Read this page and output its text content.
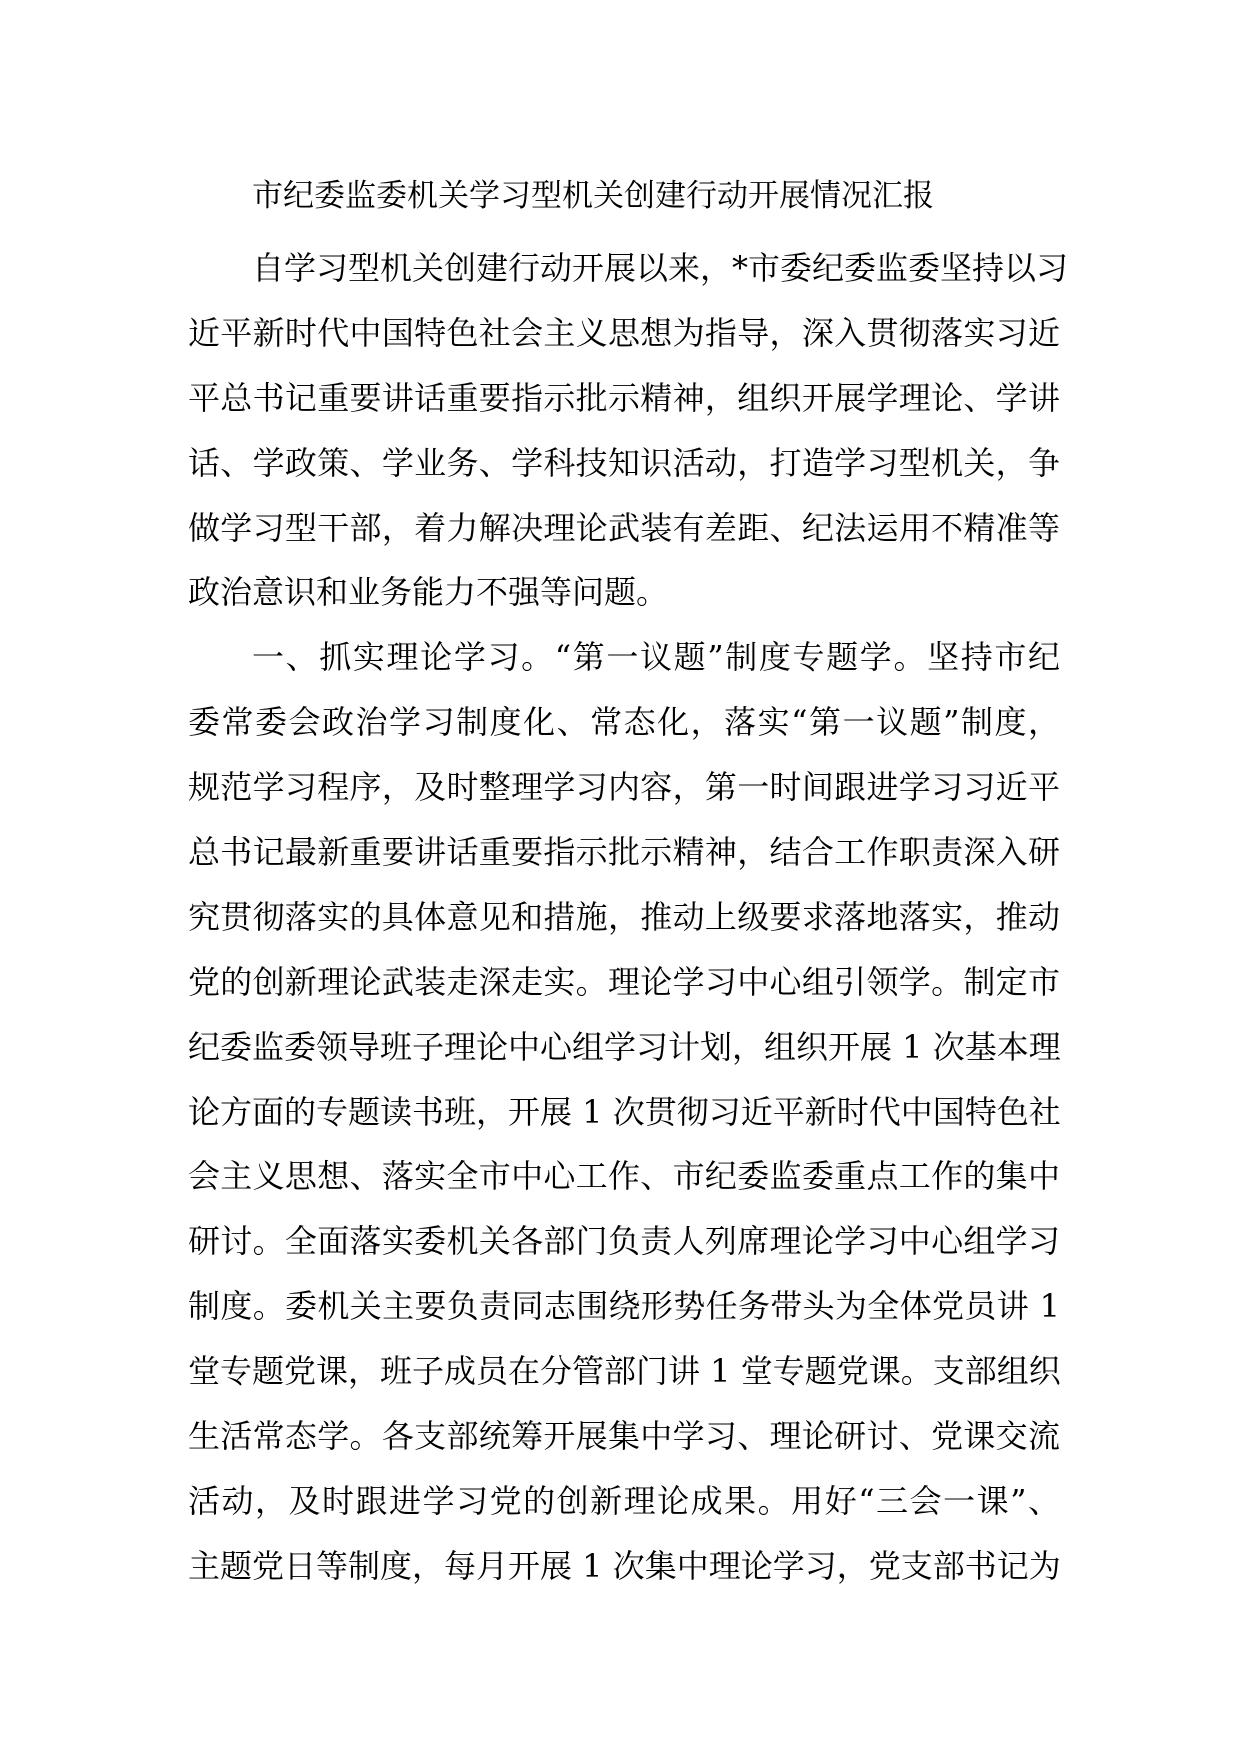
市纪委监委机关学习型机关创建行动开展情况汇报
自学习型机关创建行动开展以来，*市委纪委监委坚持以习
近平新时代中国特色社会主义思想为指导，深入贯彻落实习近
平总书记重要讲话重要指示批示精神，组织开展学理论、学讲
话、学政策、学业务、学科技知识活动，打造学习型机关，争
做学习型干部，着力解决理论武装有差距、纪法运用不精准等
政治意识和业务能力不强等问题。
一、抓实理论学习。“第一议题”制度专题学。坚持市纪
委常委会政治学习制度化、常态化，落实“第一议题”制度，
规范学习程序，及时整理学习内容，第一时间跟进学习习近平
总书记最新重要讲话重要指示批示精神，结合工作职责深入研
究贯彻落实的具体意见和措施，推动上级要求落地落实，推动
党的创新理论武装走深走实。理论学习中心组引领学。制定市
纪委监委领导班子理论中心组学习计划，组织开展 1 次基本理
论方面的专题读书班，开展 1 次贯彻习近平新时代中国特色社
会主义思想、落实全市中心工作、市纪委监委重点工作的集中
研讨。全面落实委机关各部门负责人列席理论学习中心组学习
制度。委机关主要负责同志围绕形势任务带头为全体党员讲 1
堂专题党课，班子成员在分管部门讲 1 堂专题党课。支部组织
生活常态学。各支部统筹开展集中学习、理论研讨、党课交流
活动，及时跟进学习党的创新理论成果。用好“三会一课”、
主题党日等制度，每月开展 1 次集中理论学习，党支部书记为
